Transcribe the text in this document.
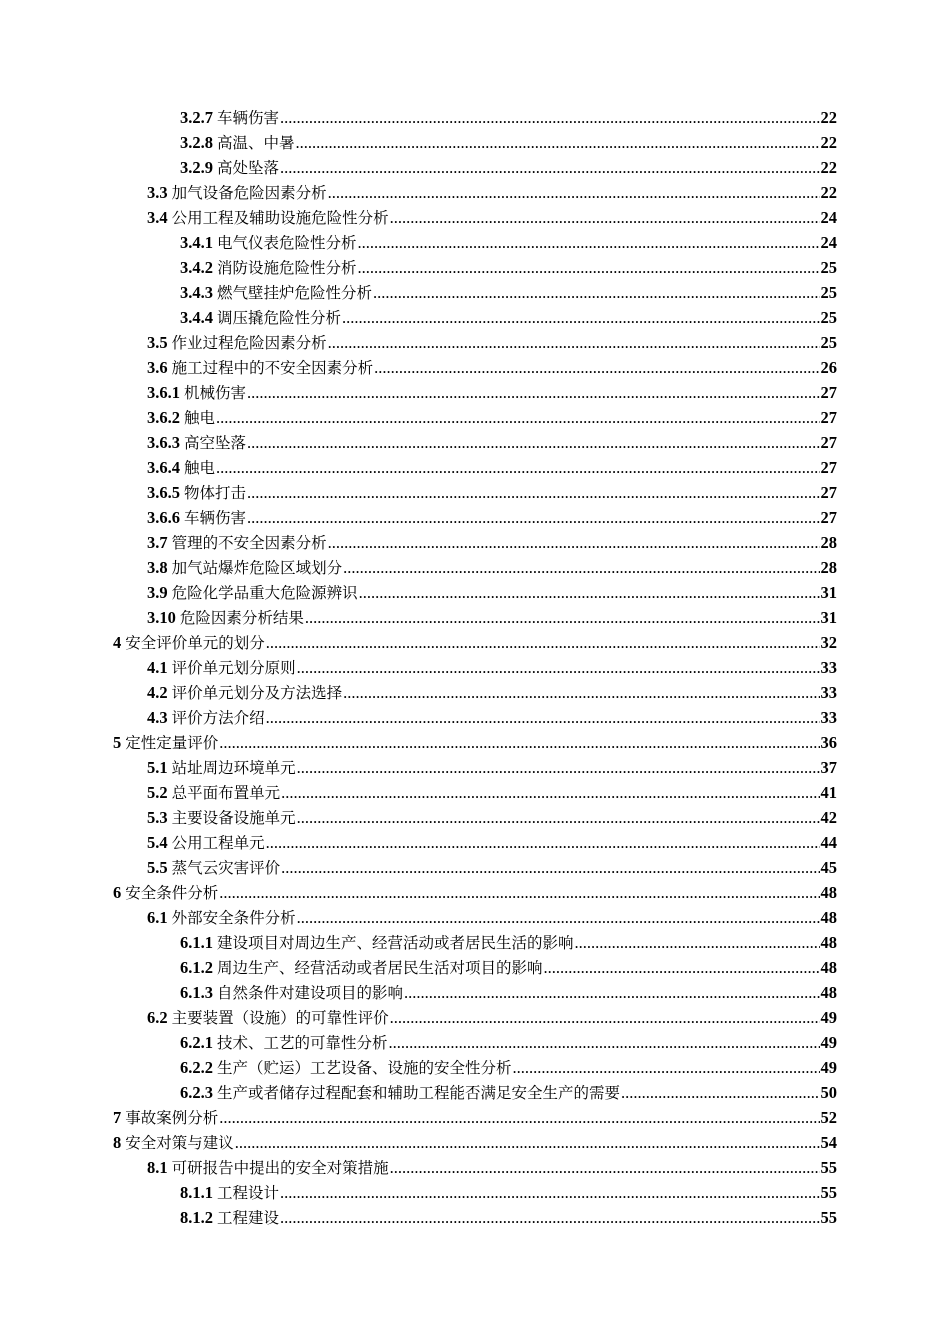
3.2.7 车辆伤害 .....	22
3.2.8 高温、中暑 .....	22
3.2.9 高处坠落 .....	22
3.3 加气设备危险因素分析 .....	22
3.4 公用工程及辅助设施危险性分析 .....	24
3.4.1 电气仪表危险性分析 .....	24
3.4.2 消防设施危险性分析 .....	25
3.4.3 燃气壁挂炉危险性分析 .....	25
3.4.4 调压撬危险性分析 .....	25
3.5 作业过程危险因素分析 .....	25
3.6 施工过程中的不安全因素分析 .....	26
3.6.1 机械伤害 .....	27
3.6.2 触电 .....	27
3.6.3 高空坠落 .....	27
3.6.4 触电 .....	27
3.6.5 物体打击 .....	27
3.6.6 车辆伤害 .....	27
3.7 管理的不安全因素分析 .....	28
3.8 加气站爆炸危险区域划分 .....	28
3.9 危险化学品重大危险源辨识 .....	31
3.10 危险因素分析结果 .....	31
4 安全评价单元的划分 .....	32
4.1 评价单元划分原则 .....	33
4.2 评价单元划分及方法选择 .....	33
4.3 评价方法介绍 .....	33
5 定性定量评价 .....	36
5.1 站址周边环境单元 .....	37
5.2 总平面布置单元 .....	41
5.3 主要设备设施单元 .....	42
5.4 公用工程单元 .....	44
5.5 蒸气云灾害评价 .....	45
6 安全条件分析 .....	48
6.1 外部安全条件分析 .....	48
6.1.1 建设项目对周边生产、经营活动或者居民生活的影响 .....	48
6.1.2 周边生产、经营活动或者居民生活对项目的影响 .....	48
6.1.3 自然条件对建设项目的影响 .....	48
6.2 主要装置（设施）的可靠性评价 .....	49
6.2.1 技术、工艺的可靠性分析 .....	49
6.2.2 生产（贮运）工艺设备、设施的安全性分析 .....	49
6.2.3 生产或者储存过程配套和辅助工程能否满足安全生产的需要 .....	50
7 事故案例分析 .....	52
8 安全对策与建议 .....	54
8.1 可研报告中提出的安全对策措施 .....	55
8.1.1 工程设计 .....	55
8.1.2 工程建设 .....	55
